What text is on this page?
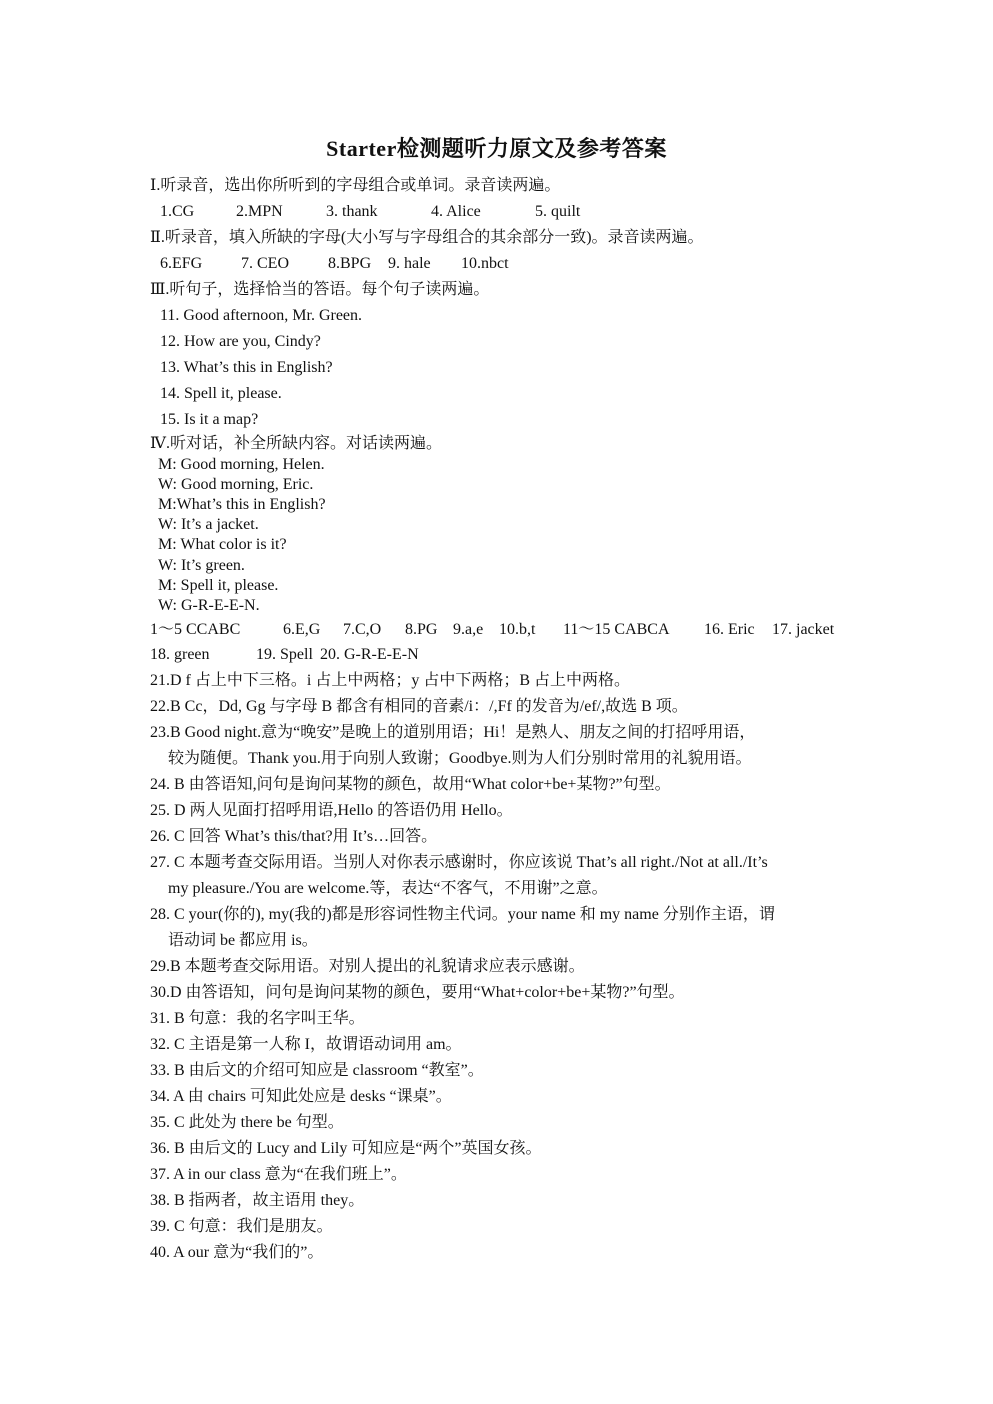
Starter检测题听力原文及参考答案
Ⅰ.听录音，选出你所听到的字母组合或单词。录音读两遍。
1.CG	2.MPN	3. thank	4. Alice	5. quilt
Ⅱ.听录音，填入所缺的字母(大小写与字母组合的其余部分一致)。录音读两遍。
6.EFG 7. CEO 8.BPG 9. hale 10.nbct
Ⅲ.听句子，选择恰当的答语。每个句子读两遍。
11. Good afternoon, Mr. Green.
12. How are you, Cindy?
13. What’s this in English?
14. Spell it, please.
15. Is it a map?
Ⅳ.听对话，补全所缺内容。对话读两遍。
M: Good morning, Helen.
W: Good morning, Eric.
M:What’s this in English?
W: It’s a jacket.
M: What color is it?
W: It’s green.
M: Spell it, please.
W: G-R-E-E-N.
1～5 CCABC	6.E,G 7.C,O 8.PG 9.a,e 10.b,t 11～15 CABCA 16. Eric 17. jacket
18. green	19. Spell 20. G-R-E-E-N
21.D f 占上中下三格。i 占上中两格；y 占中下两格；B 占上中两格。
22.B Cc，Dd, Gg 与字母 B 都含有相同的音素/i：/,Ff 的发音为/ef/,故选 B 项。
23.B Good night.意为“晚安”是晚上的道别用语；Hi！是熟人、朋友之间的打招呼用语，
较为随便。Thank you.用于向别人致谢；Goodbye.则为人们分别时常用的礼貌用语。
24. B 由答语知,问句是询问某物的颜色，故用“What color+be+某物?”句型。
25. D 两人见面打招呼用语,Hello 的答语仍用 Hello。
26. C 回答 What’s this/that?用 It’s…回答。
27. C 本题考查交际用语。当别人对你表示感谢时，你应该说 That’s all right./Not at all./It’s
my pleasure./You are welcome.等，表达“不客气，不用谢”之意。
28. C your(你的), my(我的)都是形容词性物主代词。your name 和 my name 分别作主语，谓
语动词 be 都应用 is。
29.B 本题考查交际用语。对别人提出的礼貌请求应表示感谢。
30.D 由答语知，问句是询问某物的颜色，要用“What+color+be+某物?”句型。
31. B 句意：我的名字叫王华。
32. C 主语是第一人称 I，故谓语动词用 am。
33. B 由后文的介绍可知应是 classroom “教室”。
34. A 由 chairs 可知此处应是 desks “课桌”。
35. C 此处为 there be 句型。
36. B 由后文的 Lucy and Lily 可知应是“两个”英国女孩。
37. A in our class 意为“在我们班上”。
38. B 指两者，故主语用 they。
39. C 句意：我们是朋友。
40. A our 意为“我们的”。
